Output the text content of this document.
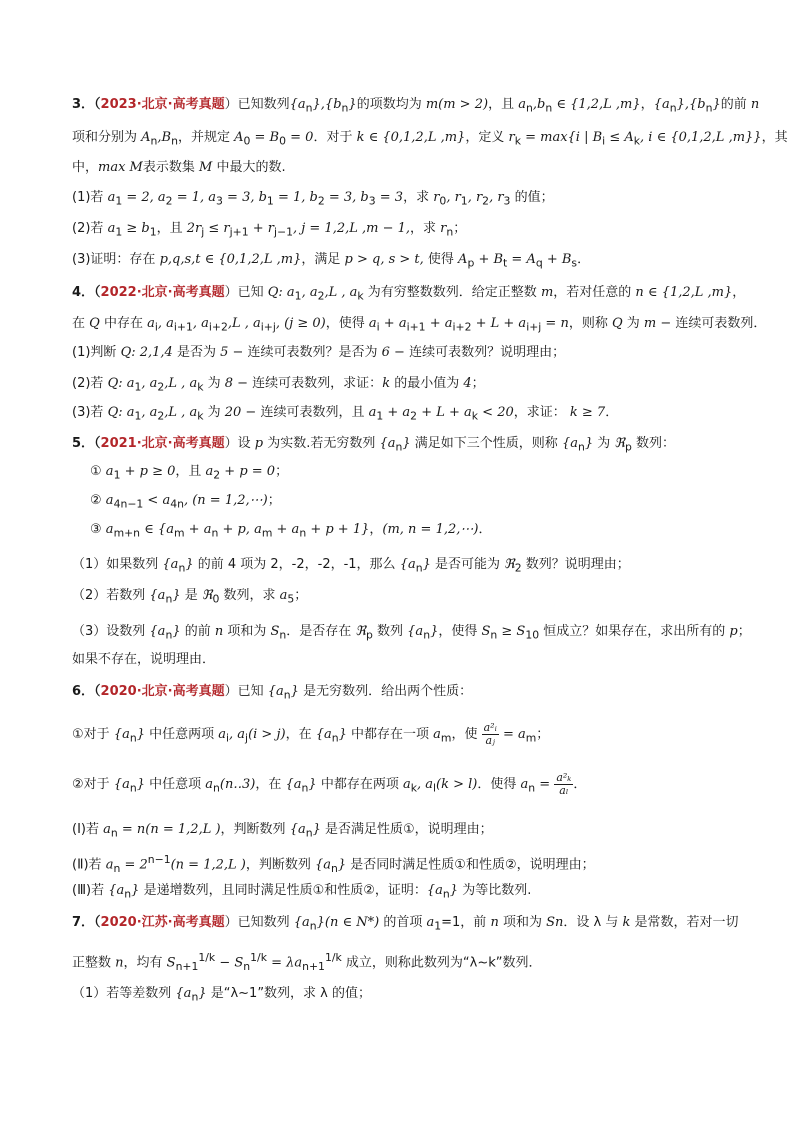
3．（2023·北京·高考真题）已知数列$\{a_n\},\{b_n\}$的项数均为 m(m > 2)，且 $a_n,b_n$ ∈ {1,2,L ,m}，$\{a_n\},\{b_n\}$的前 n
项和分别为 $A_n,B_n$，并规定 $A_0 = B_0 = 0$．对于 k ∈ {0,1,2,L ,m}，定义 $r_k = \max\{i$ | $B_i \le A_k$, i ∈ {0,1,2,L ,m}}，其
中，max M表示数集 M 中最大的数.
(1)若 $a_1 = 2$, $a_2 = 1$, $a_3 = 3$, $b_1 = 1$, $b_2 = 3$, $b_3 = 3$，求 $r_0$, $r_1$, $r_2$, $r_3$ 的值；
(2)若 $a_1 \ge b_1$，且 $2r_j \le r_{j+1} + r_{j-1}$, j = 1,2,L ,m − 1,，求 $r_n$；
(3)证明：存在 p,q,s,t ∈ {0,1,2,L ,m}，满足 p > q, s > t, 使得 $A_p + B_t = A_q + B_s$．
4．（2022·北京·高考真题）已知 Q: $a_1$, $a_2,L$ , $a_k$ 为有穷整数数列．给定正整数 m，若对任意的 n ∈ {1,2,L ,m}，
在 Q 中存在 $a_i$, $a_{i+1}$, $a_{i+2},L$ , $a_{i+j}$, (j ≥ 0)，使得 $a_i + a_{i+1} + a_{i+2} + L + a_{i+j} = n$，则称 Q 为 m − 连续可表数列．
(1)判断 Q: 2,1,4 是否为 5 − 连续可表数列？是否为 6 − 连续可表数列？说明理由；
(2)若 Q: $a_1$, $a_2,L$ , $a_k$ 为 8 − 连续可表数列，求证：k 的最小值为 4；
(3)若 Q: $a_1$, $a_2,L$ , $a_k$ 为 20 − 连续可表数列，且 $a_1 + a_2 + L + a_k < 20$，求证： k ≥ 7．
5．（2021·北京·高考真题）设 p 为实数.若无穷数列 $\{a_n\}$ 满足如下三个性质，则称 $\{a_n\}$ 为 ℜ$_p$ 数列：
① $a_1 + p \ge 0$，且 $a_2 + p = 0$；
② $a_{4n-1} < a_{4n}$, (n = 1,2,⋯)；
③ $a_{m+n}$ ∈ {$a_m + a_n + p$, $a_m + a_n + p + 1$}，(m, n = 1,2,⋯)．
（1）如果数列 $\{a_n\}$ 的前 4 项为 2，-2，-2，-1，那么 $\{a_n\}$ 是否可能为 ℜ$_2$ 数列？说明理由；
（2）若数列 $\{a_n\}$ 是 ℜ$_0$ 数列，求 $a_5$；
（3）设数列 $\{a_n\}$ 的前 n 项和为 $S_n$．是否存在 ℜ$_p$ 数列 $\{a_n\}$，使得 $S_n \ge S_{10}$ 恒成立？如果存在，求出所有的 p；
如果不存在，说明理由．
6．（2020·北京·高考真题）已知 $\{a_n\}$ 是无穷数列．给出两个性质：
①对于 $\{a_n\}$ 中任意两项 $a_i$, $a_j(i > j)$，在 $\{a_n\}$ 中都存在一项 $a_m$，使 $\frac{\text{a²ᵢ}}{\text{aⱼ}} = a_m$；
②对于 $\{a_n\}$ 中任意项 $a_n(n‥3)$，在 $\{a_n\}$ 中都存在两项 $a_k$, $a_l(k > l)$．使得 $a_n = \frac{\text{a²ₖ}}{\text{aₗ}}$ ．
(Ⅰ)若 $a_n = n(n = 1,2,L$ )，判断数列 $\{a_n\}$ 是否满足性质①，说明理由；
(Ⅱ)若 $a_n = 2^{n-1}(n = 1,2,L$ )，判断数列 $\{a_n\}$ 是否同时满足性质①和性质②，说明理由；
(Ⅲ)若 $\{a_n\}$ 是递增数列，且同时满足性质①和性质②，证明：$\{a_n\}$ 为等比数列.
7．（2020·江苏·高考真题）已知数列 $\{a_n\}(n$ ∈ N*) 的首项 $a_1=1$，前 n 项和为 Sn．设 λ 与 k 是常数，若对一切
正整数 n，均有 $S_{n+1}^{1/k} - S_n^{1/k} = \lambda a_{n+1}^{1/k}$ 成立，则称此数列为“λ~k”数列．
（1）若等差数列 $\{a_n\}$ 是“λ~1”数列，求 λ 的值；
